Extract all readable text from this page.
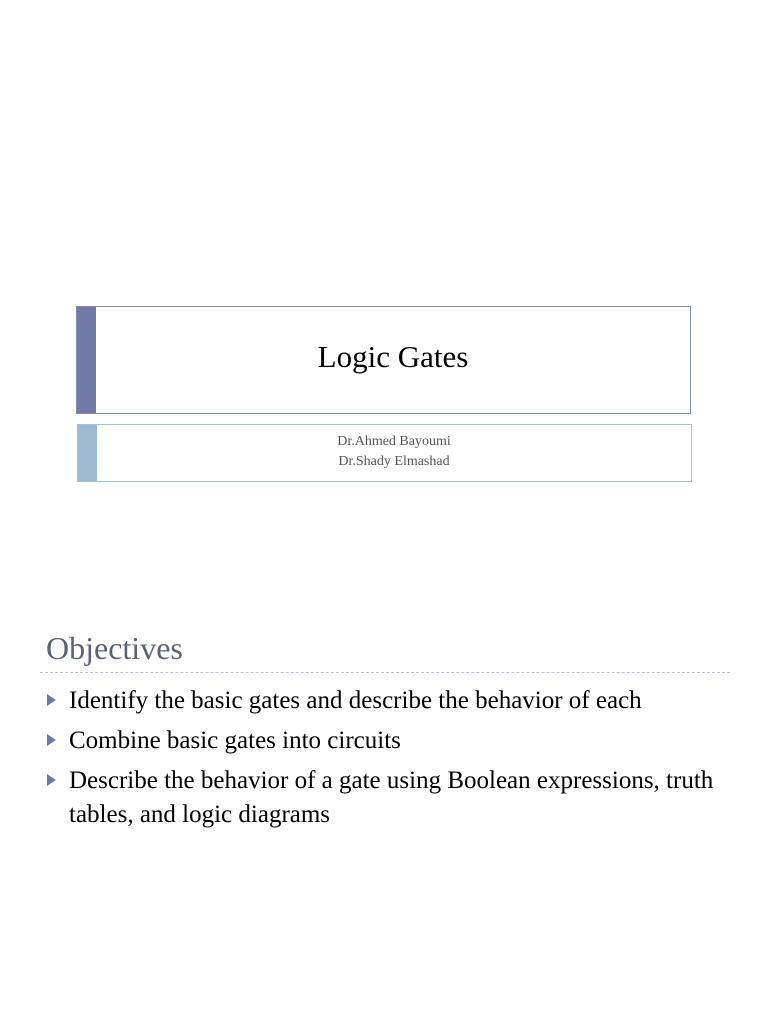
Logic Gates
Dr.Ahmed Bayoumi
Dr.Shady Elmashad
Objectives
Identify the basic gates and describe the behavior of each
Combine basic gates into circuits
Describe the behavior of a gate using Boolean expressions, truth tables, and logic diagrams
